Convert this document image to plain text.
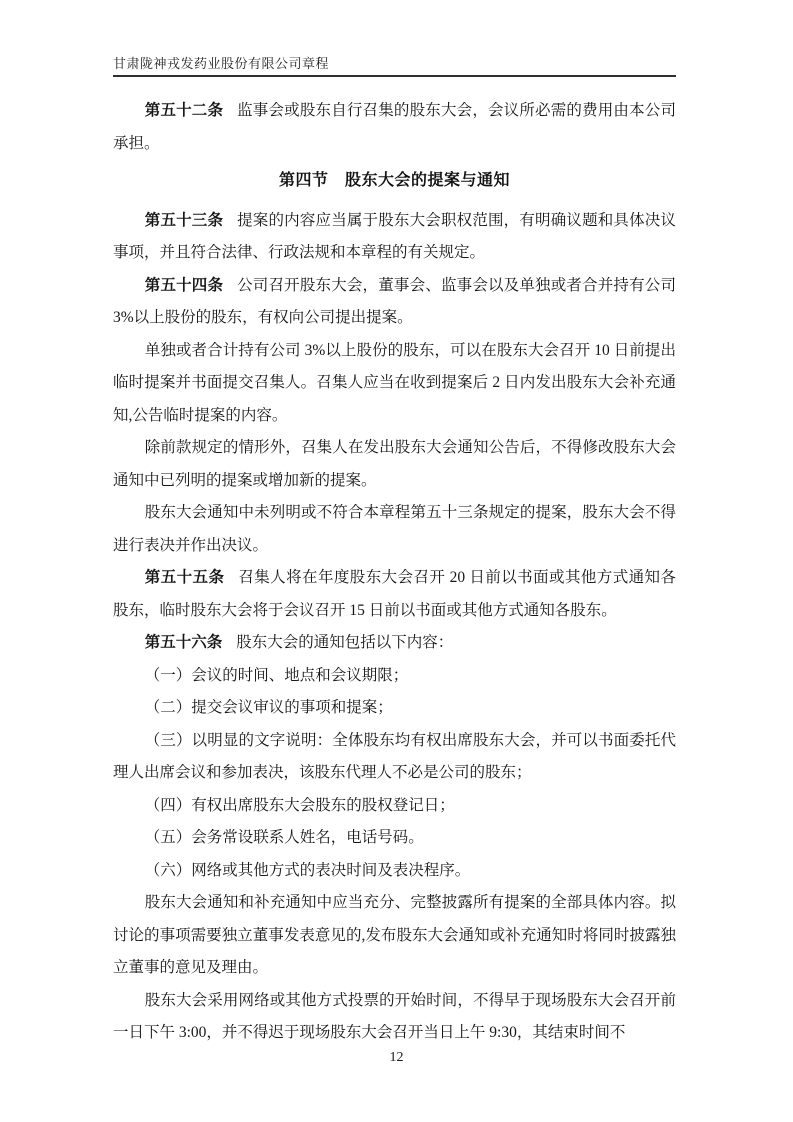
甘肃陇神戎发药业股份有限公司章程

第五十二条 监事会或股东自行召集的股东大会，会议所必需的费用由本公司承担。

第四节　股东大会的提案与通知

第五十三条 提案的内容应当属于股东大会职权范围，有明确议题和具体决议事项，并且符合法律、行政法规和本章程的有关规定。

第五十四条 公司召开股东大会，董事会、监事会以及单独或者合并持有公司 3%以上股份的股东，有权向公司提出提案。

单独或者合计持有公司 3%以上股份的股东，可以在股东大会召开 10 日前提出临时提案并书面提交召集人。召集人应当在收到提案后 2 日内发出股东大会补充通知,公告临时提案的内容。

除前款规定的情形外，召集人在发出股东大会通知公告后，不得修改股东大会通知中已列明的提案或增加新的提案。

股东大会通知中未列明或不符合本章程第五十三条规定的提案，股东大会不得进行表决并作出决议。

第五十五条 召集人将在年度股东大会召开 20 日前以书面或其他方式通知各股东，临时股东大会将于会议召开 15 日前以书面或其他方式通知各股东。

第五十六条 股东大会的通知包括以下内容：

（一）会议的时间、地点和会议期限；

（二）提交会议审议的事项和提案；

（三）以明显的文字说明：全体股东均有权出席股东大会，并可以书面委托代理人出席会议和参加表决，该股东代理人不必是公司的股东；

（四）有权出席股东大会股东的股权登记日；

（五）会务常设联系人姓名，电话号码。

（六）网络或其他方式的表决时间及表决程序。

股东大会通知和补充通知中应当充分、完整披露所有提案的全部具体内容。拟讨论的事项需要独立董事发表意见的,发布股东大会通知或补充通知时将同时披露独立董事的意见及理由。

股东大会采用网络或其他方式投票的开始时间，不得早于现场股东大会召开前一日下午 3:00，并不得迟于现场股东大会召开当日上午 9:30，其结束时间不

12
